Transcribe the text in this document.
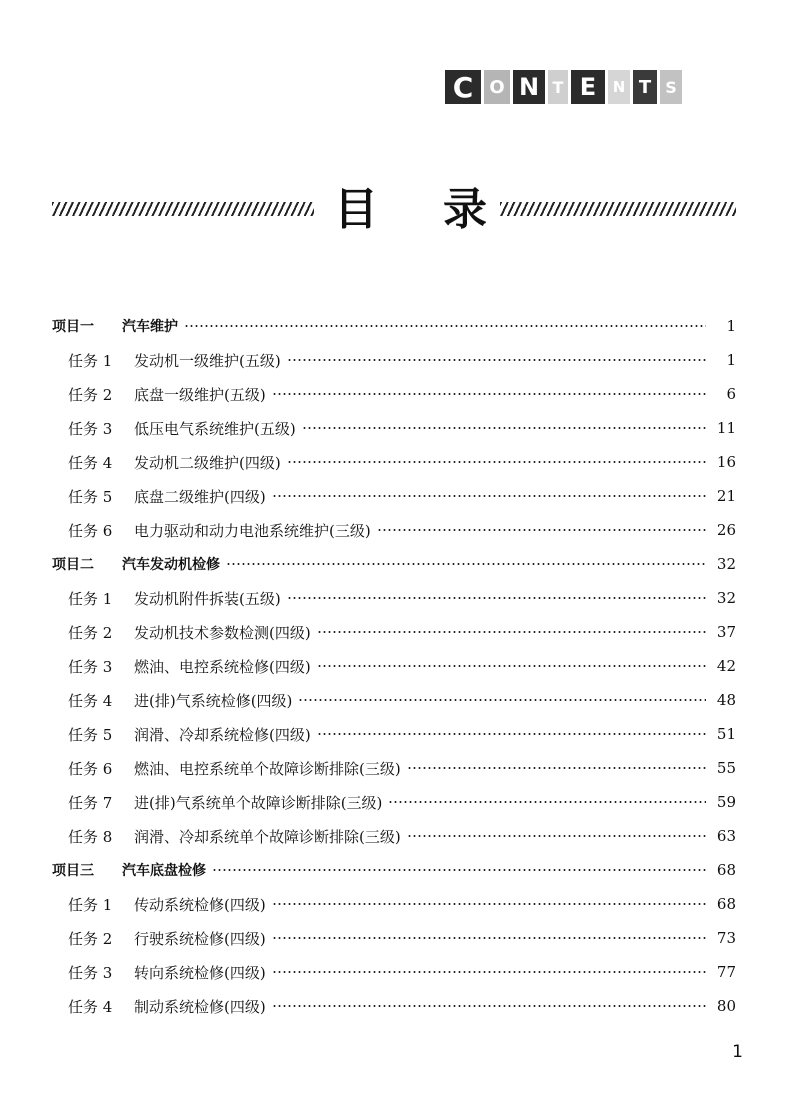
C O N T E	N T S
目 录
项目一	汽车维护	1
任务 1	发动机一级维护(五级)	1
任务 2	底盘一级维护(五级)	6
任务 3	低压电气系统维护(五级)	11
任务 4	发动机二级维护(四级)	16
任务 5	底盘二级维护(四级)	21
任务 6	电力驱动和动力电池系统维护(三级)	26
项目二	汽车发动机检修	32
任务 1	发动机附件拆装(五级)	32
任务 2	发动机技术参数检测(四级)	37
任务 3	燃油、电控系统检修(四级)	42
任务 4	进(排)气系统检修(四级)	48
任务 5	润滑、冷却系统检修(四级)	51
任务 6	燃油、电控系统单个故障诊断排除(三级)	55
任务 7	进(排)气系统单个故障诊断排除(三级)	59
任务 8	润滑、冷却系统单个故障诊断排除(三级)	63
项目三	汽车底盘检修	68
任务 1	传动系统检修(四级)	68
任务 2	行驶系统检修(四级)	73
任务 3	转向系统检修(四级)	77
任务 4	制动系统检修(四级)	80
1
